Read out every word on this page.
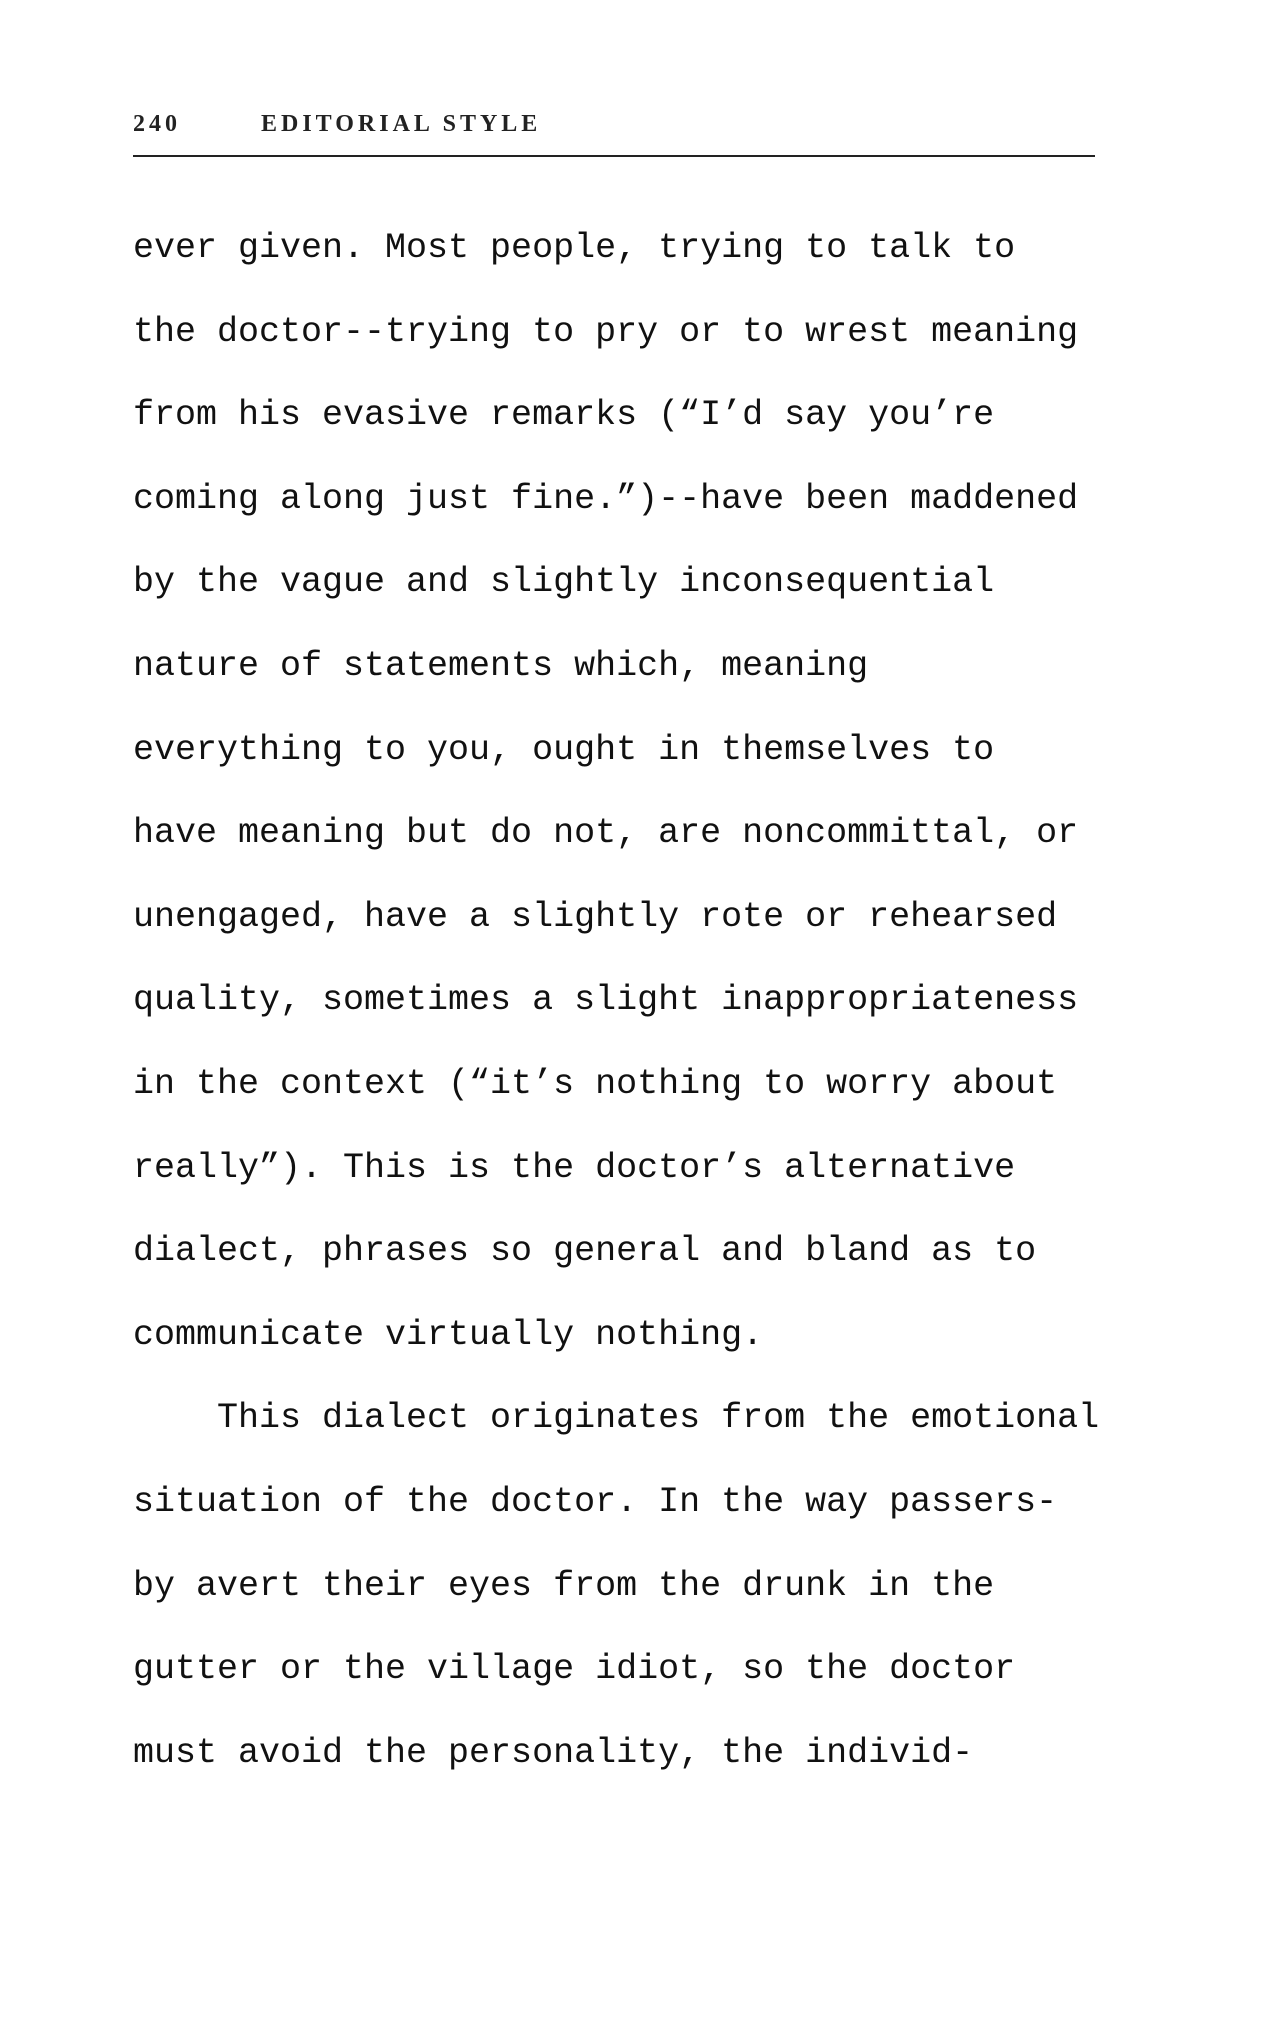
240	EDITORIAL STYLE
ever given. Most people, trying to talk to
the doctor--trying to pry or to wrest meaning
from his evasive remarks (“I’d say you’re
coming along just fine.”)--have been maddened
by the vague and slightly inconsequential
nature of statements which, meaning
everything to you, ought in themselves to
have meaning but do not, are noncommittal, or
unengaged, have a slightly rote or rehearsed
quality, sometimes a slight inappropriateness
in the context (“it’s nothing to worry about
really”). This is the doctor’s alternative
dialect, phrases so general and bland as to
communicate virtually nothing.
This dialect originates from the emotional
situation of the doctor. In the way passers-
by avert their eyes from the drunk in the
gutter or the village idiot, so the doctor
must avoid the personality, the individ-
